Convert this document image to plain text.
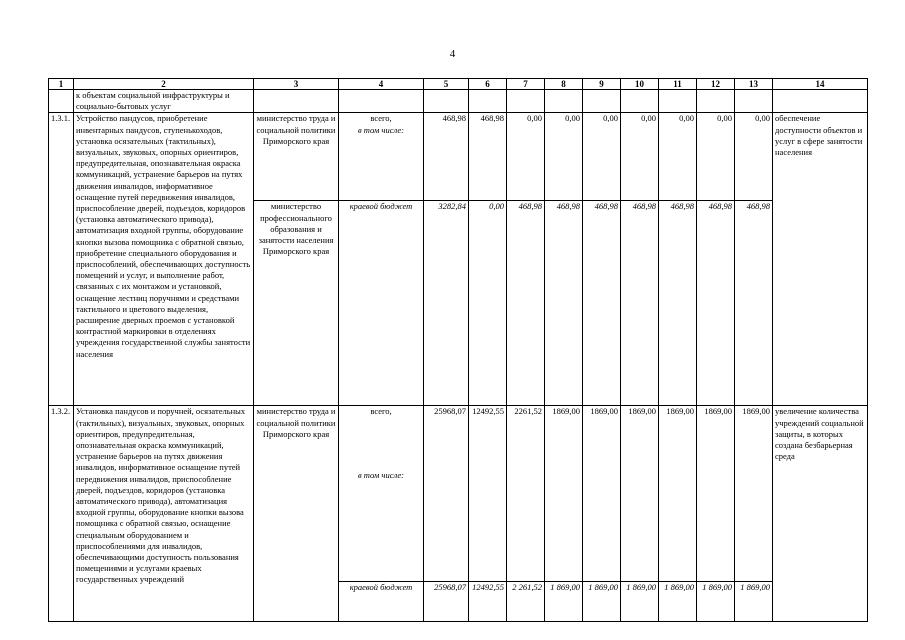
4
1	2	3	4	5	6	7	8	9	10	11	12	13	14
	к объектам социальной инфраструктуры и социально-бытовых услуг												
1.3.1.	Устройство пандусов, приобретение инвентарных пандусов, ступенькоходов, установка осязательных (тактильных), визуальных, звуковых, опорных ориентиров, предупредительная, опознавательная окраска коммуникаций, устранение барьеров на путях движения инвалидов, информативное оснащение путей передвижения инвалидов, приспособление дверей, подъездов, коридоров (установка автоматического привода), автоматизация входной группы, оборудование кнопки вызова помощника с обратной связью, приобретение специального оборудования и приспособлений, обеспечивающих доступность помещений и услуг, и выполнение работ, связанных с их монтажом и установкой, оснащение лестниц поручнями и средствами тактильного и цветового выделения, расширение дверных проемов с установкой контрастной маркировки в отделениях учреждения государственной службы занятости населения	министерство труда и социальной политики Приморского края	всего,
в том числе:	468,98	468,98	0,00	0,00	0,00	0,00	0,00	0,00	0,00	обеспечение доступности объектов и услуг в сфере занятости населения
		министерство профессионального образования и занятости населения Приморского края	краевой бюджет	3282,84	0,00	468,98	468,98	468,98	468,98	468,98	468,98	468,98	
1.3.2.	Установка пандусов и поручней, осязательных (тактильных), визуальных, звуковых, опорных ориентиров, предупредительная, опознавательная окраска коммуникаций, устранение барьеров на путях движения инвалидов, информативное оснащение путей передвижения инвалидов, приспособление дверей, подъездов, коридоров (установка автоматического привода), автоматизация входной группы, оборудование кнопки вызова помощника с обратной связью, оснащение специальным оборудованием и приспособлениями для инвалидов, обеспечивающими доступность пользования помещениями и услугами краевых государственных учреждений	министерство труда и социальной политики Приморского края	всего,
в том числе:	25968,07	12492,55	2261,52	1869,00	1869,00	1869,00	1869,00	1869,00	1869,00	увеличение количества учреждений социальной защиты, в которых создана безбарьерная среда
			краевой бюджет	25968,07	12492,55	2 261,52	1 869,00	1 869,00	1 869,00	1 869,00	1 869,00	1 869,00	
